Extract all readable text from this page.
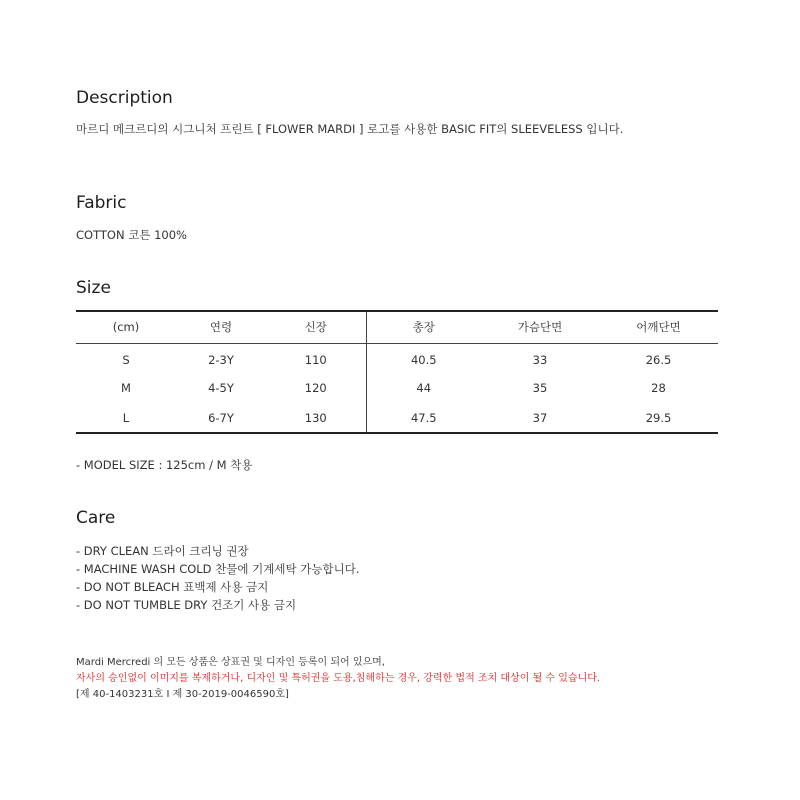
Description

마르디 메크르디의 시그니처 프린트 [ FLOWER MARDI ] 로고를 사용한 BASIC FIT의 SLEEVELESS 입니다.

Fabric

COTTON 코튼 100%

Size
(cm)	연령	신장	총장	가슴단면	어깨단면
S	2-3Y	110	40.5	33	26.5
M	4-5Y	120	44	35	28
L	6-7Y	130	47.5	37	29.5

- MODEL SIZE : 125cm / M 착용

Care
- DRY CLEAN 드라이 크리닝 권장
- MACHINE WASH COLD 찬물에 기계세탁 가능합니다.
- DO NOT BLEACH 표백제 사용 금지
- DO NOT TUMBLE DRY 건조기 사용 금지
Mardi Mercredi 의 모든 상품은 상표권 및 디자인 등록이 되어 있으며,
자사의 승인없이 이미지를 복제하거나, 디자인 및 특허권을 도용,침해하는 경우, 강력한 법적 조치 대상이 될 수 있습니다.
[제 40-1403231호 I 제 30-2019-0046590호]
